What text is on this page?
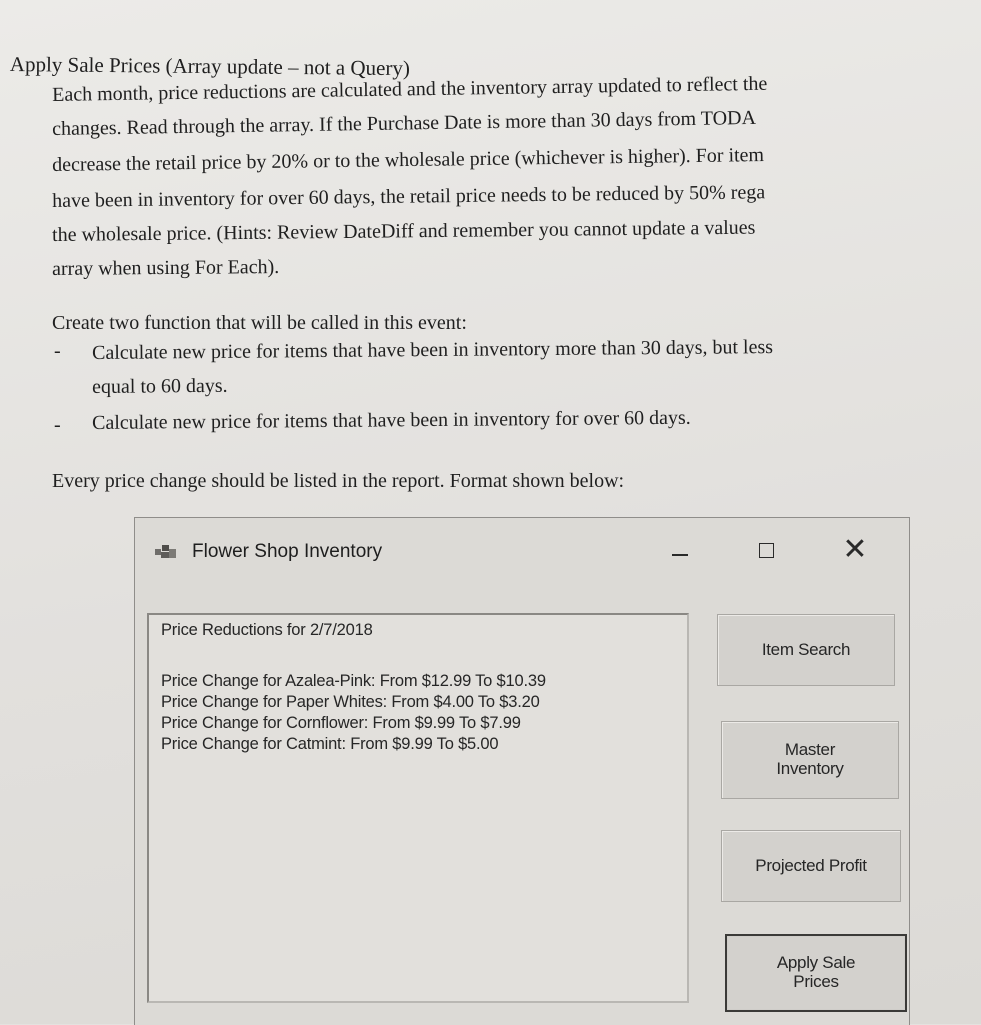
Apply Sale Prices (Array update – not a Query)
Each month, price reductions are calculated and the inventory array updated to reflect the
changes. Read through the array. If the Purchase Date is more than 30 days from TODA
decrease the retail price by 20% or to the wholesale price (whichever is higher). For item
have been in inventory for over 60 days, the retail price needs to be reduced by 50% rega
the wholesale price. (Hints: Review DateDiff and remember you cannot update a values
array when using For Each).
Create two function that will be called in this event:
- Calculate new price for items that have been in inventory more than 30 days, but less
equal to 60 days.
- Calculate new price for items that have been in inventory for over 60 days.
Every price change should be listed in the report. Format shown below:
Flower Shop Inventory	✕
Price Reductions for 2/7/2018
Price Change for Azalea-Pink: From $12.99 To $10.39
Price Change for Paper Whites: From $4.00 To $3.20
Price Change for Cornflower: From $9.99 To $7.99
Price Change for Catmint: From $9.99 To $5.00
Item Search
Master
Inventory
Projected Profit
Apply Sale
Prices
